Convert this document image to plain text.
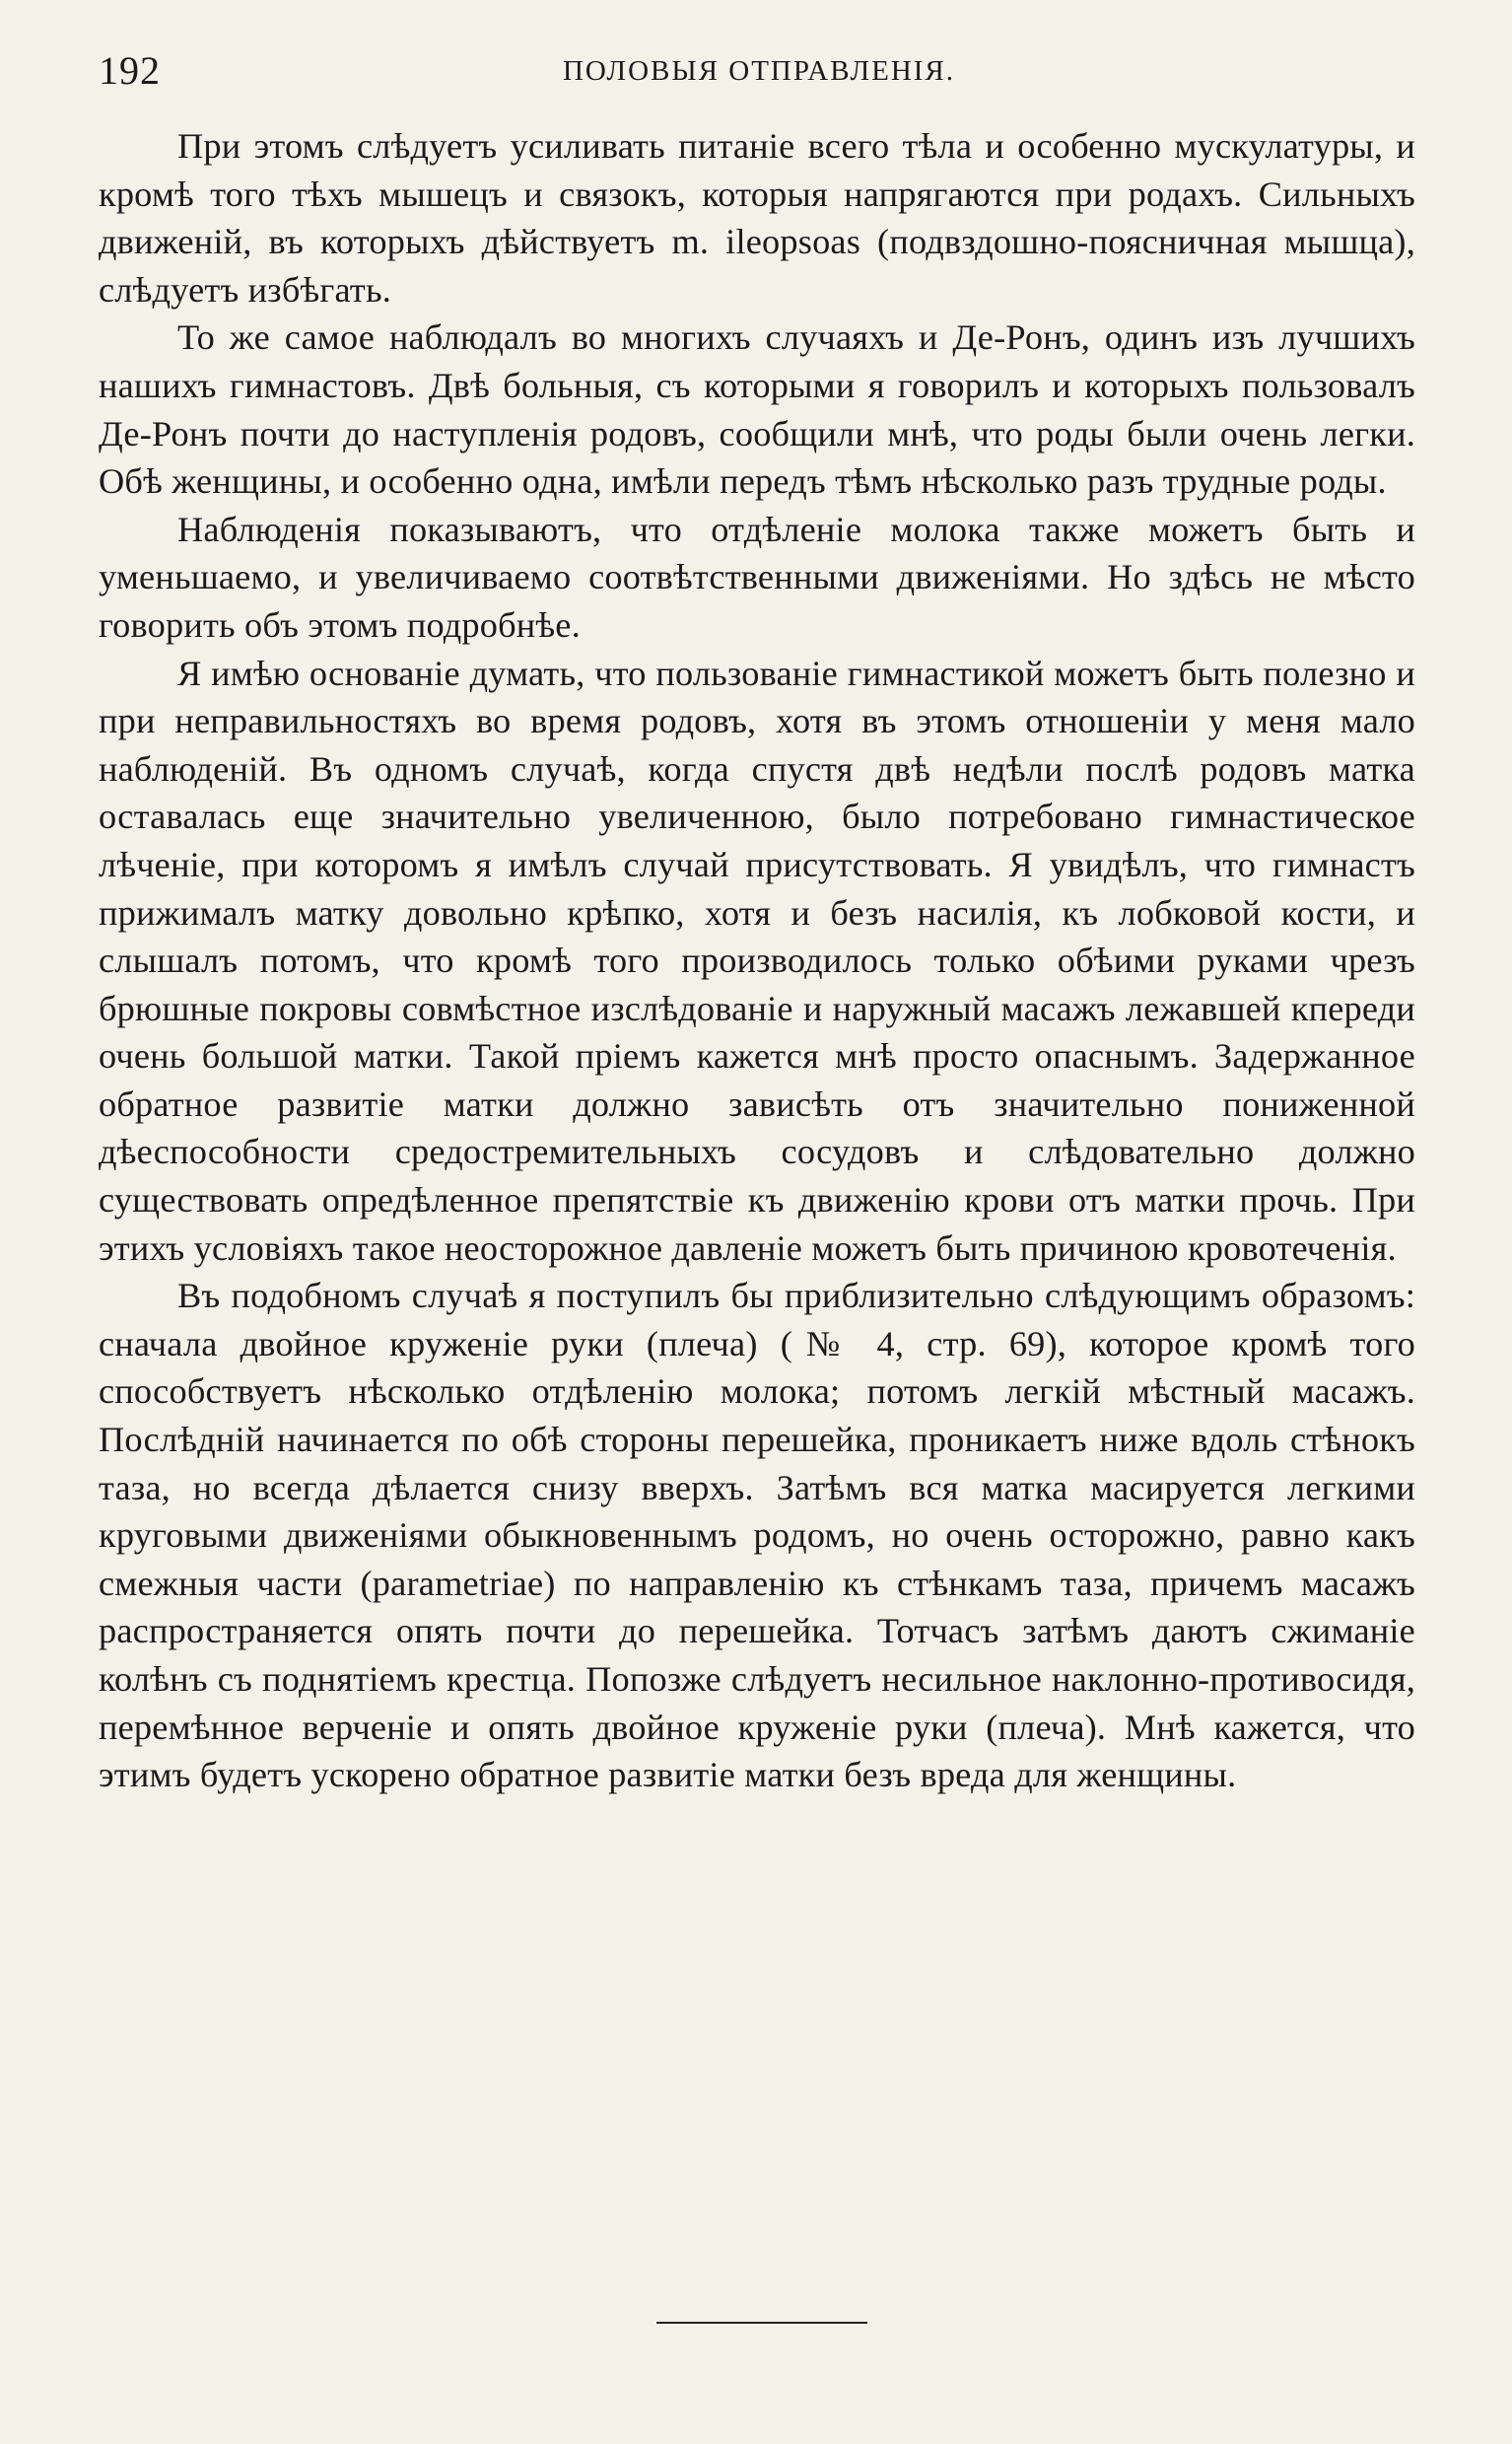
192	ПОЛОВЫЯ ОТПРАВЛЕНІЯ.

При этомъ слѣдуетъ усиливать питаніе всего тѣла и особенно мускулатуры, и кромѣ того тѣхъ мышецъ и связокъ, которыя напрягаются при родахъ. Сильныхъ движеній, въ которыхъ дѣйствуетъ m. ileopsoas (подвздошно-поясничная мышца), слѣдуетъ избѣгать.

То же самое наблюдалъ во многихъ случаяхъ и Де-Ронъ, одинъ изъ лучшихъ нашихъ гимнастовъ. Двѣ больныя, съ которыми я говорилъ и которыхъ пользовалъ Де-Ронъ почти до наступленія родовъ, сообщили мнѣ, что роды были очень легки. Обѣ женщины, и особенно одна, имѣли передъ тѣмъ нѣсколько разъ трудные роды.

Наблюденія показываютъ, что отдѣленіе молока также можетъ быть и уменьшаемо, и увеличиваемо соотвѣтственными движеніями. Но здѣсь не мѣсто говорить объ этомъ подробнѣе.

Я имѣю основаніе думать, что пользованіе гимнастикой можетъ быть полезно и при неправильностяхъ во время родовъ, хотя въ этомъ отношеніи у меня мало наблюденій. Въ одномъ случаѣ, когда спустя двѣ недѣли послѣ родовъ матка оставалась еще значительно увеличенною, было потребовано гимнастическое лѣченіе, при которомъ я имѣлъ случай присутствовать. Я увидѣлъ, что гимнастъ прижималъ матку довольно крѣпко, хотя и безъ насилія, къ лобковой кости, и слышалъ потомъ, что кромѣ того производилось только обѣими руками чрезъ брюшные покровы совмѣстное изслѣдованіе и наружный масажъ лежавшей кпереди очень большой матки. Такой пріемъ кажется мнѣ просто опаснымъ. Задержанное обратное развитіе матки должно зависѣть отъ значительно пониженной дѣеспособности средостремительныхъ сосудовъ и слѣдовательно должно существовать опредѣленное препятствіе къ движенію крови отъ матки прочь. При этихъ условіяхъ такое неосторожное давленіе можетъ быть причиною кровотеченія.

Въ подобномъ случаѣ я поступилъ бы приблизительно слѣдующимъ образомъ: сначала двойное круженіе руки (плеча) (№ 4, стр. 69), которое кромѣ того способствуетъ нѣсколько отдѣленію молока; потомъ легкій мѣстный масажъ. Послѣдній начинается по обѣ стороны перешейка, проникаетъ ниже вдоль стѣнокъ таза, но всегда дѣлается снизу вверхъ. Затѣмъ вся матка масируется легкими круговыми движеніями обыкновеннымъ родомъ, но очень осторожно, равно какъ смежныя части (parametriae) по направленію къ стѣнкамъ таза, причемъ масажъ распространяется опять почти до перешейка. Тотчасъ затѣмъ даютъ сжиманіе колѣнъ съ поднятіемъ крестца. Попозже слѣдуетъ несильное наклонно-противосидя, перемѣнное верченіе и опять двойное круженіе руки (плеча). Мнѣ кажется, что этимъ будетъ ускорено обратное развитіе матки безъ вреда для женщины.
